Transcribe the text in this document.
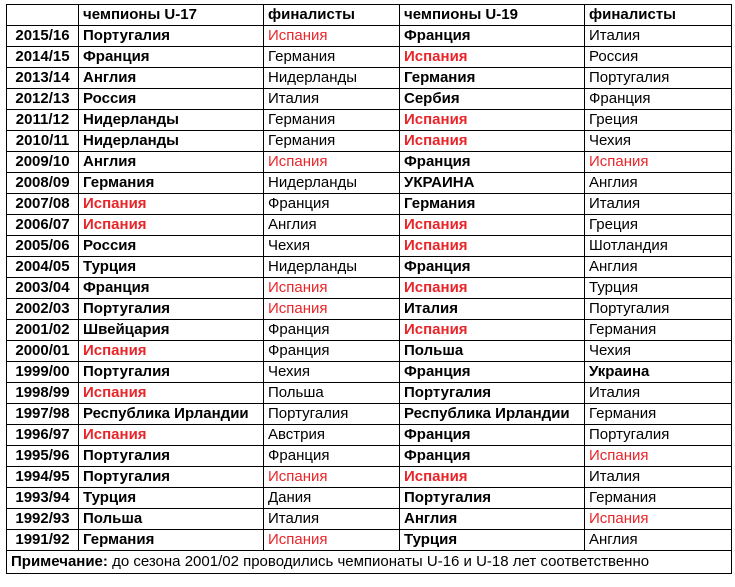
	чемпионы U-17	финалисты	чемпионы U-19	финалисты
2015/16	Португалия	Испания	Франция	Италия
2014/15	Франция	Германия	Испания	Россия
2013/14	Англия	Нидерланды	Германия	Португалия
2012/13	Россия	Италия	Сербия	Франция
2011/12	Нидерланды	Германия	Испания	Греция
2010/11	Нидерланды	Германия	Испания	Чехия
2009/10	Англия	Испания	Франция	Испания
2008/09	Германия	Нидерланды	УКРАИНА	Англия
2007/08	Испания	Франция	Германия	Италия
2006/07	Испания	Англия	Испания	Греция
2005/06	Россия	Чехия	Испания	Шотландия
2004/05	Турция	Нидерланды	Франция	Англия
2003/04	Франция	Испания	Испания	Турция
2002/03	Португалия	Испания	Италия	Португалия
2001/02	Швейцария	Франция	Испания	Германия
2000/01	Испания	Франция	Польша	Чехия
1999/00	Португалия	Чехия	Франция	Украина
1998/99	Испания	Польша	Португалия	Италия
1997/98	Республика Ирландии	Португалия	Республика Ирландии	Германия
1996/97	Испания	Австрия	Франция	Португалия
1995/96	Португалия	Франция	Франция	Испания
1994/95	Португалия	Испания	Испания	Италия
1993/94	Турция	Дания	Португалия	Германия
1992/93	Польша	Италия	Англия	Испания
1991/92	Германия	Испания	Турция	Англия
Примечание: до сезона 2001/02 проводились чемпионаты U-16 и U-18 лет соответственно				
